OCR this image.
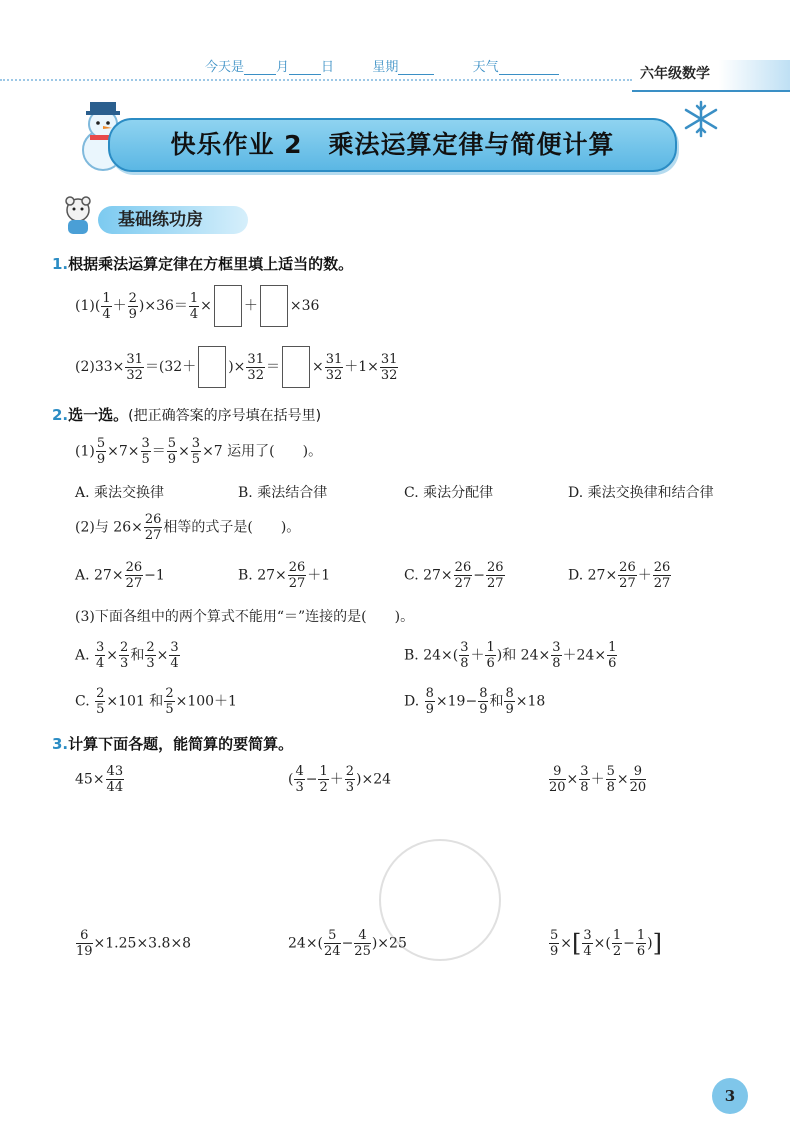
今天是 月 日	星期	天气	六年级数学
快乐作业 2　乘法运算定律与简便计算
基础练功房
1.根据乘法运算定律在方框里填上适当的数。
$(1)( \frac{1}{4} + \frac{2}{9} )\times 36= \frac{1}{4}$ × ＋ ×36
$(2)33\times \frac{31}{32} =(32+$ )× $\frac{31}{32}$ ＝ × $\frac{31}{32} +1\times \frac{31}{32}$
2.选一选。(把正确答案的序号填在括号里)
$(1) \frac{5}{9} \times 7\times \frac{3}{5} = \frac{5}{9} \times \frac{3}{5} \times 7$ 运用了(　　)。
A. 乘法交换律	B. 乘法结合律	C. 乘法分配律	D. 乘法交换律和结合律
(2)与 $26\times \frac{26}{27}$ 相等的式子是(　　)。
A. $27\times \frac{26}{27} -1$	B. $27\times \frac{26}{27} +1$	C. $27\times \frac{26}{27} - \frac{26}{27}$	D. $27\times \frac{26}{27} + \frac{26}{27}$
(3)下面各组中的两个算式不能用“＝”连接的是(　　)。
A. $\frac{3}{4} \times \frac{2}{3}$ 和 $\frac{2}{3} \times \frac{3}{4}$	B. $24\times( \frac{3}{8} + \frac{1}{6}$ )和 $24\times \frac{3}{8} +24\times \frac{1}{6}$
C. $\frac{2}{5} \times 101$ 和 $\frac{2}{5} \times 100+1$	D. $\frac{8}{9} \times 19- \frac{8}{9}$ 和 $\frac{8}{9} \times 18$
3.计算下面各题，能简算的要简算。
$45\times \frac{43}{44}$	( $\frac{4}{3} - \frac{1}{2} + \frac{2}{3} )\times 24$	$\frac{9}{20} \times \frac{3}{8} + \frac{5}{8} \times \frac{9}{20}$
$\frac{6}{19} \times 1.25\times 3.8\times 8$	$24\times( \frac{5}{24} - \frac{4}{25} )\times 25$	$\frac{5}{9}$ ×[ $\frac{3}{4}$ ×( $\frac{1}{2} - \frac{1}{6}$ )]
3
